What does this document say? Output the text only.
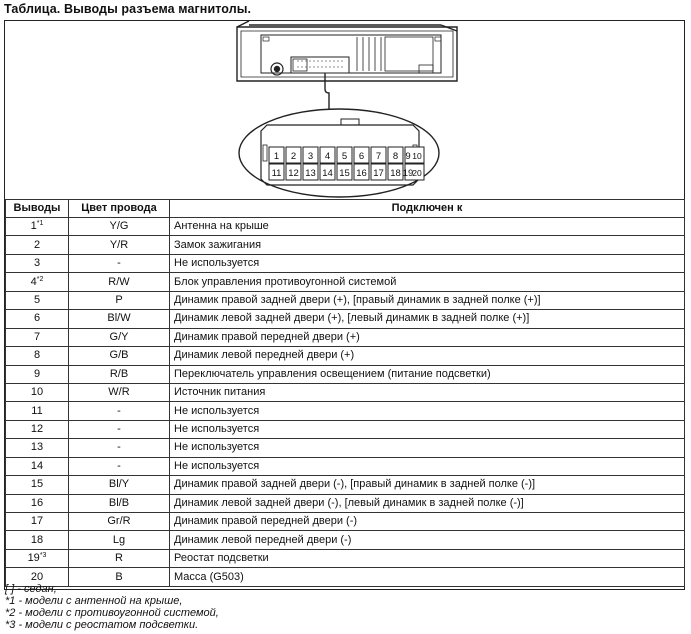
Таблица. Выводы разъема магнитолы.
1 2 3 4 5 6 7 8 9 10
11 12 13 14 15 16 17 18 19
20
Выводы	Цвет провода	Подключен к
1$^{*1}$	Y/G	Антенна на крыше
2	Y/R	Замок зажигания
3	-	Не используется
4$^{*2}$	R/W	Блок управления противоугонной системой
5	P	Динамик правой задней двери (+), [правый динамик в задней полке (+)]
6	Bl/W	Динамик левой задней двери (+), [левый динамик в задней полке (+)]
7	G/Y	Динамик правой передней двери (+)
8	G/B	Динамик левой передней двери (+)
9	R/B	Переключатель управления освещением (питание подсветки)
10	W/R	Источник питания
11	-	Не используется
12	-	Не используется
13	-	Не используется
14	-	Не используется
15	Bl/Y	Динамик правой задней двери (-), [правый динамик в задней полке (-)]
16	Bl/B	Динамик левой задней двери (-), [левый динамик в задней полке (-)]
17	Gr/R	Динамик правой передней двери (-)
18	Lg	Динамик левой передней двери (-)
19$^{*3}$	R	Реостат подсветки
20	B	Масса (G503)
[ ] - седан,
*1 - модели с антенной на крыше,
*2 - модели с противоугонной системой,
*3 - модели с реостатом подсветки.
